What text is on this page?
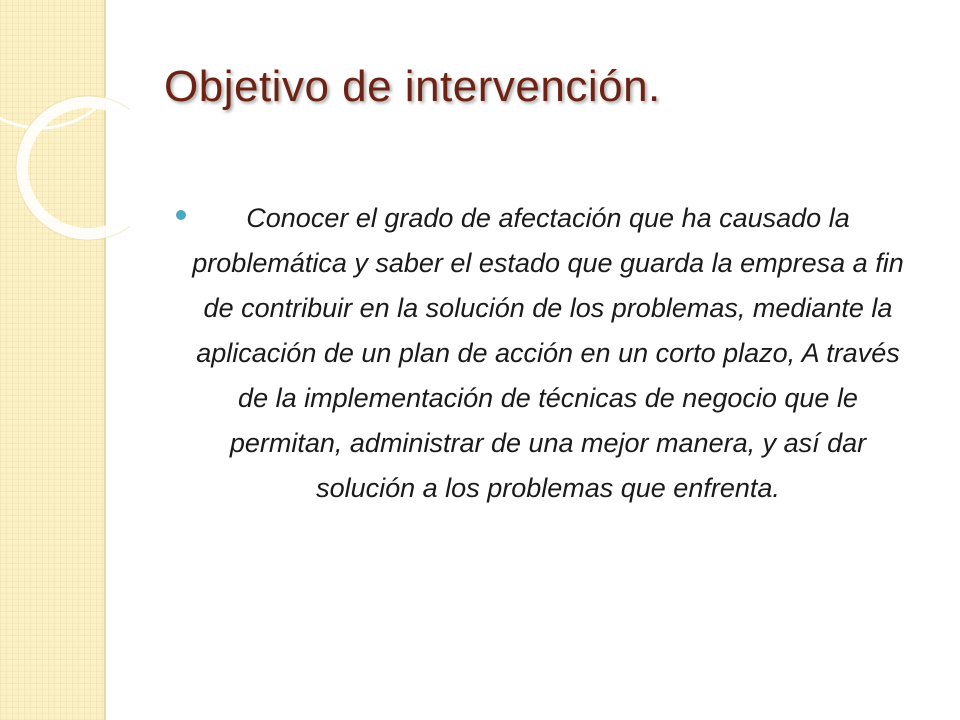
Objetivo de intervención.

Conocer el grado de afectación que ha causado la problemática y saber el estado que guarda la empresa a fin de contribuir en la solución de los problemas, mediante la aplicación de un plan de acción en un corto plazo, A través de la implementación de técnicas de negocio que le permitan, administrar de una mejor manera, y así dar solución a los problemas que enfrenta.
